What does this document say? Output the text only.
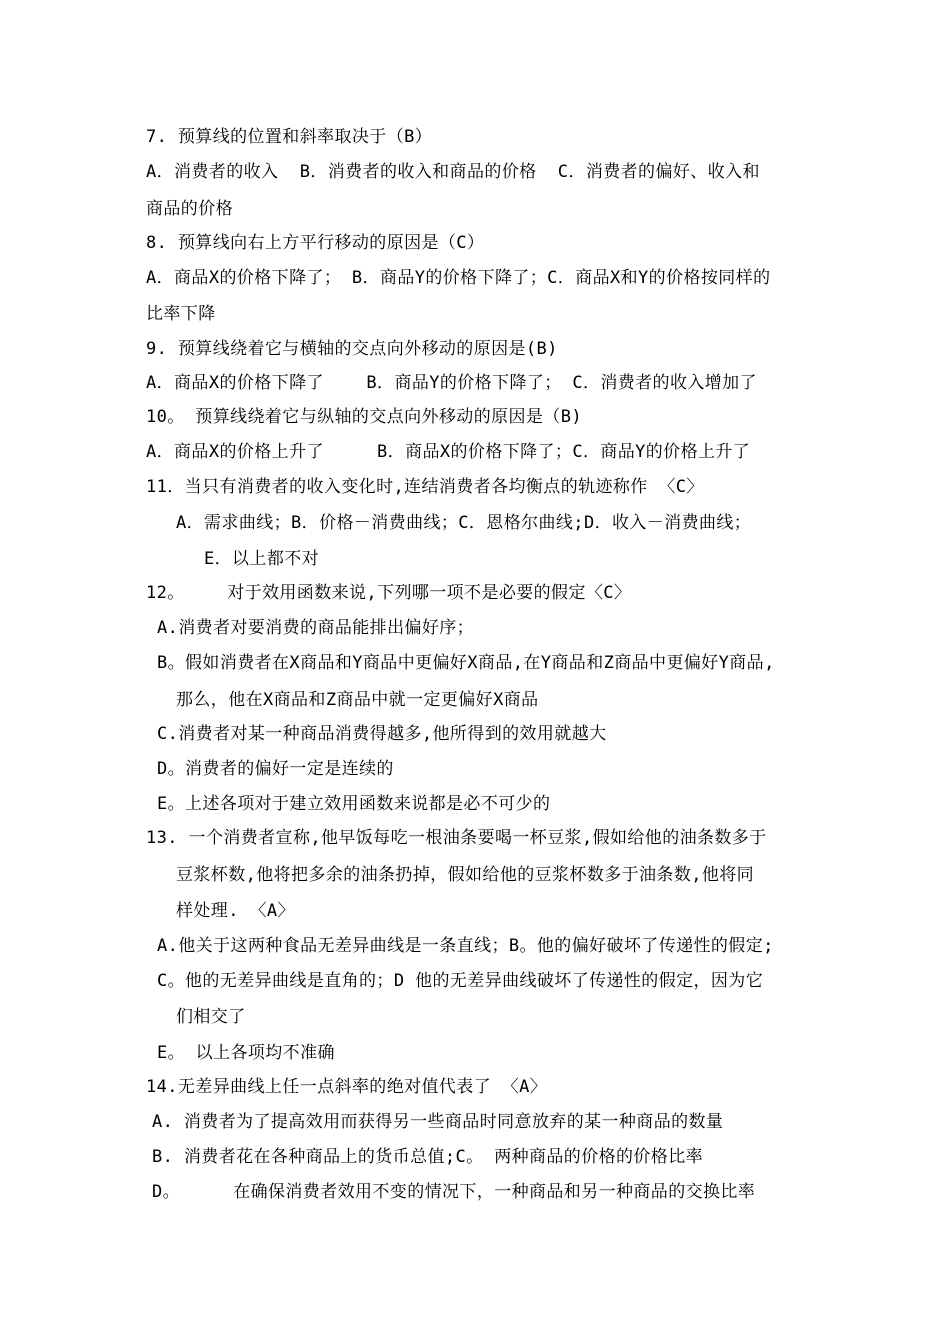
7. 预算线的位置和斜率取决于（B）
A．消费者的收入  B．消费者的收入和商品的价格  C．消费者的偏好、收入和
商品的价格
8. 预算线向右上方平行移动的原因是（C）
A．商品X的价格下降了； B．商品Y的价格下降了；C．商品X和Y的价格按同样的
比率下降
9. 预算线绕着它与横轴的交点向外移动的原因是(B)
A．商品X的价格下降了    B．商品Y的价格下降了； C．消费者的收入增加了
10。 预算线绕着它与纵轴的交点向外移动的原因是（B)
A．商品X的价格上升了     B．商品X的价格下降了；C．商品Y的价格上升了
11．当只有消费者的收入变化时,连结消费者各均衡点的轨迹称作 〈C〉
A．需求曲线；B．价格－消费曲线；C．恩格尔曲线;D．收入－消费曲线；
E．以上都不对
12。    对于效用函数来说,下列哪一项不是必要的假定〈C〉
A.消费者对要消费的商品能排出偏好序；
B。假如消费者在X商品和Y商品中更偏好X商品,在Y商品和Z商品中更偏好Y商品,
那么，他在X商品和Z商品中就一定更偏好X商品
C.消费者对某一种商品消费得越多,他所得到的效用就越大
D。消费者的偏好一定是连续的
E。上述各项对于建立效用函数来说都是必不可少的
13. 一个消费者宣称,他早饭每吃一根油条要喝一杯豆浆,假如给他的油条数多于
豆浆杯数,他将把多余的油条扔掉，假如给他的豆浆杯数多于油条数,他将同
样处理. 〈A〉
A.他关于这两种食品无差异曲线是一条直线；B。他的偏好破坏了传递性的假定;
C。他的无差异曲线是直角的；D 他的无差异曲线破坏了传递性的假定，因为它
们相交了
E。 以上各项均不准确
14.无差异曲线上任一点斜率的绝对值代表了 〈A〉
A. 消费者为了提高效用而获得另一些商品时同意放弃的某一种商品的数量
B. 消费者花在各种商品上的货币总值;C。 两种商品的价格的价格比率
D。     在确保消费者效用不变的情况下，一种商品和另一种商品的交换比率
